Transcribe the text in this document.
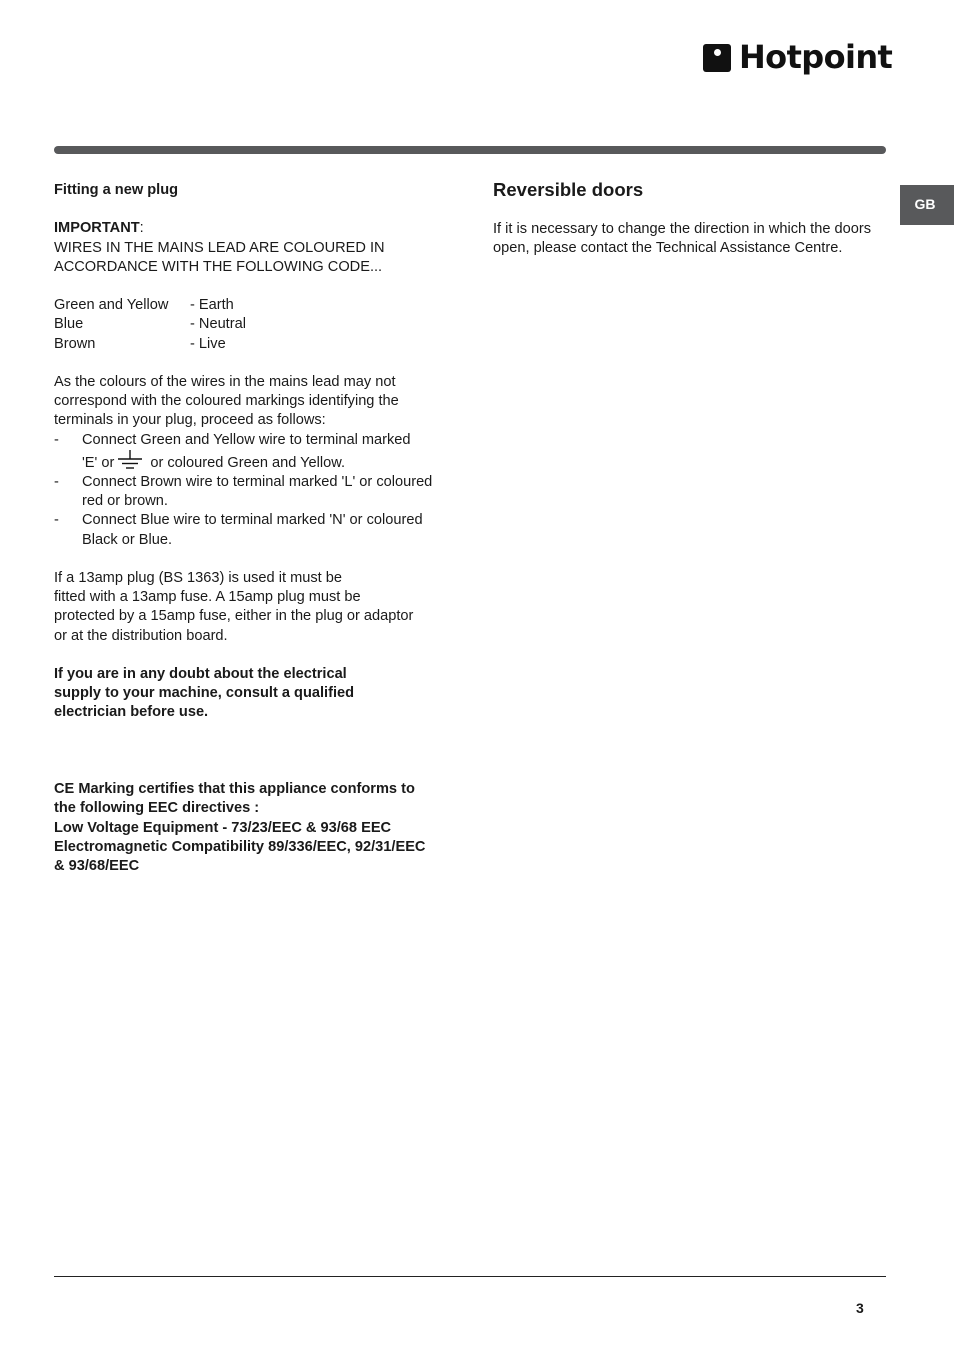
Hotpoint
GB

Fitting a new plug

IMPORTANT:

WIRES IN THE MAINS LEAD ARE COLOURED IN

ACCORDANCE WITH THE FOLLOWING CODE...

Green and Yellow	- Earth
Blue	- Neutral
Brown	- Live

As the colours of the wires in the mains lead may not correspond with the coloured markings identifying the terminals in your plug, proceed as follows:

-	Connect Green and Yellow wire to terminal marked

'E' or or coloured Green and Yellow.

-	Connect Brown wire to terminal marked 'L' or coloured red or brown.

-	Connect Blue wire to terminal marked 'N' or coloured Black or Blue.

If a 13amp plug (BS 1363) is used it must be

fitted with a 13amp fuse. A 15amp plug must be

protected by a 15amp fuse, either in the plug or adaptor

or at the distribution board.

If you are in any doubt about the electrical

supply to your machine, consult a qualified

electrician before use.

CE Marking certifies that this appliance conforms to

the following EEC directives :

Low Voltage Equipment - 73/23/EEC & 93/68 EEC

Electromagnetic Compatibility 89/336/EEC, 92/31/EEC

& 93/68/EEC

Reversible doors

If it is necessary to change the direction in which the doors open, please contact the Technical Assistance Centre.

3
